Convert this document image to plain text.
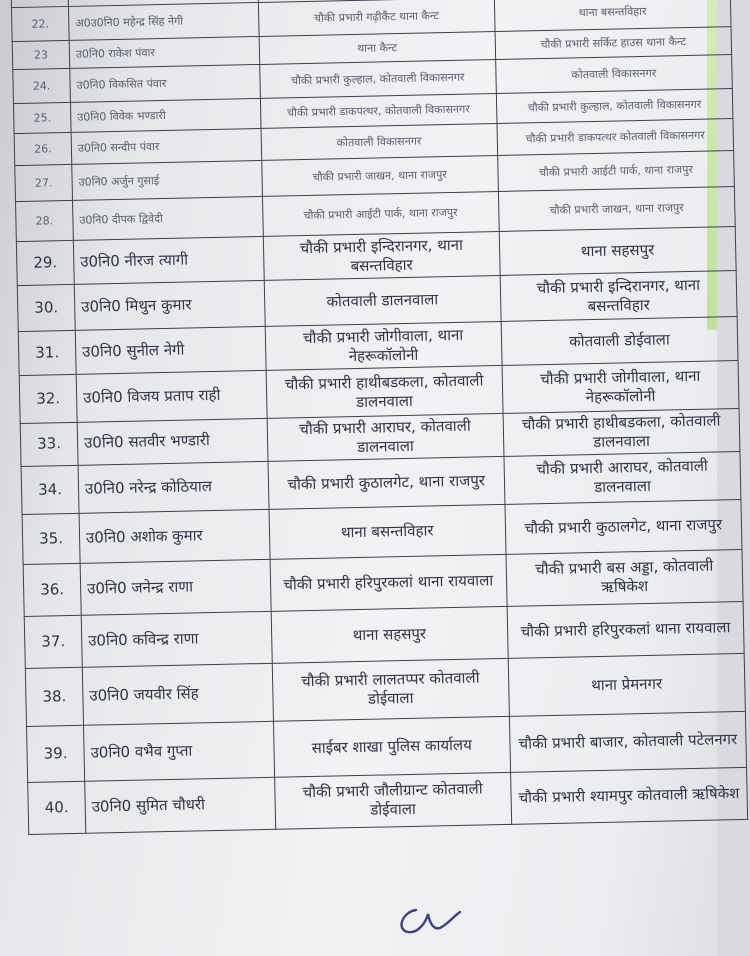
22.	अ0उ0नि0 महेन्द्र सिंह नेगी	चौकी प्रभारी गढ़ीकैंट थाना कैन्ट	थाना बसन्तविहार
23	उ0नि0 राकेश पंवार	थाना कैन्ट	चौकी प्रभारी सर्किट हाउस थाना कैन्ट
24.	उ0नि0 विकसित पंवार	चौकी प्रभारी कुल्हाल, कोतवाली विकासनगर	कोतवाली विकासनगर
25.	उ0नि0 विवेक भण्डारी	चौकी प्रभारी डाकपत्थर, कोतवाली विकासनगर	चौकी प्रभारी कुल्हाल, कोतवाली विकासनगर
26.	उ0नि0 सन्दीप पंवार	कोतवाली विकासनगर	चौकी प्रभारी डाकपत्थर कोतवाली विकासनगर
27.	उ0नि0 अर्जुन गुसाई	चौकी प्रभारी जाखन, थाना राजपुर	चौकी प्रभारी आईटी पार्क, थाना राजपुर
28.	उ0नि0 दीपक द्विवेदी	चौकी प्रभारी आईटी पार्क, थाना राजपुर	चौकी प्रभारी जाखन, थाना राजपुर
29.	उ0नि0 नीरज त्यागी	चौकी प्रभारी इन्दिरानगर, थाना बसन्तविहार	थाना सहसपुर
30.	उ0नि0 मिथुन कुमार	कोतवाली डालनवाला	चौकी प्रभारी इन्दिरानगर, थाना बसन्तविहार
31.	उ0नि0 सुनील नेगी	चौकी प्रभारी जोगीवाला, थाना नेहरूकॉलोनी	कोतवाली डोईवाला
32.	उ0नि0 विजय प्रताप राही	चौकी प्रभारी हाथीबडकला, कोतवाली डालनवाला	चौकी प्रभारी जोगीवाला, थाना नेहरूकॉलोनी
33.	उ0नि0 सतवीर भण्डारी	चौकी प्रभारी आराघर, कोतवाली डालनवाला	चौकी प्रभारी हाथीबडकला, कोतवाली डालनवाला
34.	उ0नि0 नरेन्द्र कोठियाल	चौकी प्रभारी कुठालगेट, थाना राजपुर	चौकी प्रभारी आराघर, कोतवाली डालनवाला
35.	उ0नि0 अशोक कुमार	थाना बसन्तविहार	चौकी प्रभारी कुठालगेट, थाना राजपुर
36.	उ0नि0 जनेन्द्र राणा	चौकी प्रभारी हरिपुरकलां थाना रायवाला	चौकी प्रभारी बस अड्डा, कोतवाली ऋषिकेश
37.	उ0नि0 कविन्द्र राणा	थाना सहसपुर	चौकी प्रभारी हरिपुरकलां थाना रायवाला
38.	उ0नि0 जयवीर सिंह	चौकी प्रभारी लालतप्पर कोतवाली डोईवाला	थाना प्रेमनगर
39.	उ0नि0 वभैव गुप्ता	साईबर शाखा पुलिस कार्यालय	चौकी प्रभारी बाजार, कोतवाली पटेलनगर
40.	उ0नि0 सुमित चौधरी	चौकी प्रभारी जौलीग्रान्ट कोतवाली डोईवाला	चौकी प्रभारी श्यामपुर कोतवाली ऋषिकेश
